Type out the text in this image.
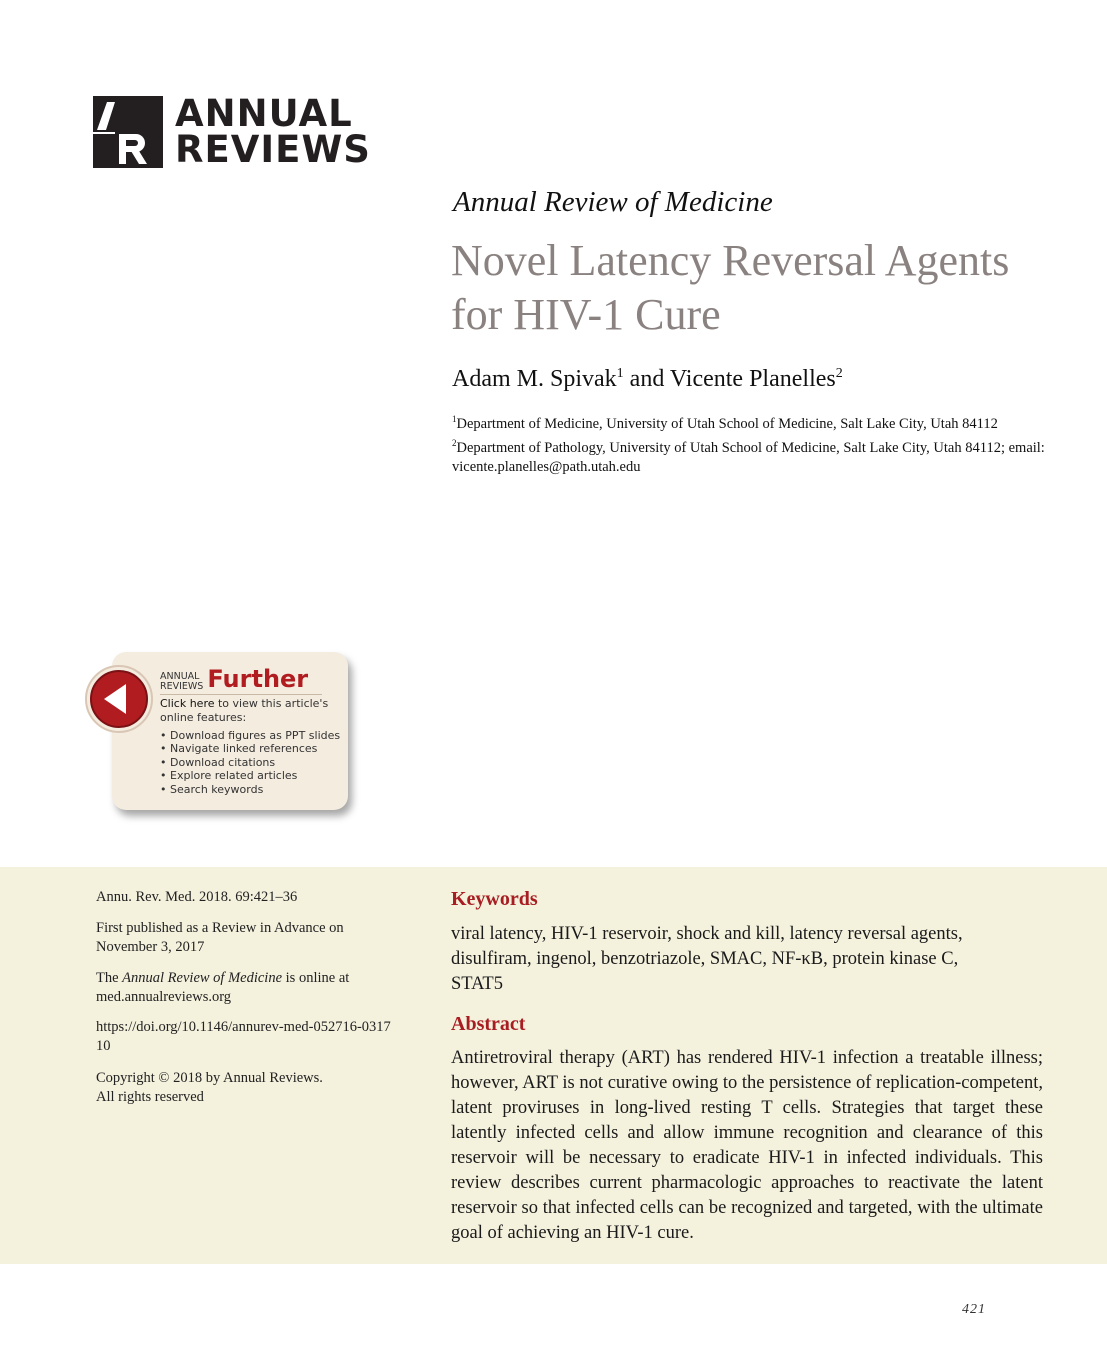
ANNUAL
REVIEWS
Annual Review of Medicine
Novel Latency Reversal Agents for HIV-1 Cure
Adam M. Spivak$^1$ and Vicente Planelles$^2$
$^1$Department of Medicine, University of Utah School of Medicine, Salt Lake City, Utah 84112
$^2$Department of Pathology, University of Utah School of Medicine, Salt Lake City, Utah 84112; email: vicente.planelles@path.utah.edu
ANNUAL
REVIEWS Further
Click here to view this article's online features:
• Download figures as PPT slides
• Navigate linked references
• Download citations
• Explore related articles
• Search keywords
Annu. Rev. Med. 2018. 69:421–36
First published as a Review in Advance on November 3, 2017
The Annual Review of Medicine is online at med.annualreviews.org
https://doi.org/10.1146/annurev-med-052716-031710
Copyright © 2018 by Annual Reviews.
All rights reserved
Keywords
viral latency, HIV-1 reservoir, shock and kill, latency reversal agents, disulfiram, ingenol, benzotriazole, SMAC, NF-κB, protein kinase C, STAT5
Abstract
Antiretroviral therapy (ART) has rendered HIV-1 infection a treatable illness; however, ART is not curative owing to the persistence of replication-competent, latent proviruses in long-lived resting T cells. Strategies that target these latently infected cells and allow immune recognition and clearance of this reservoir will be necessary to eradicate HIV-1 in infected individuals. This review describes current pharmacologic approaches to reactivate the latent reservoir so that infected cells can be recognized and targeted, with the ultimate goal of achieving an HIV-1 cure.
421
